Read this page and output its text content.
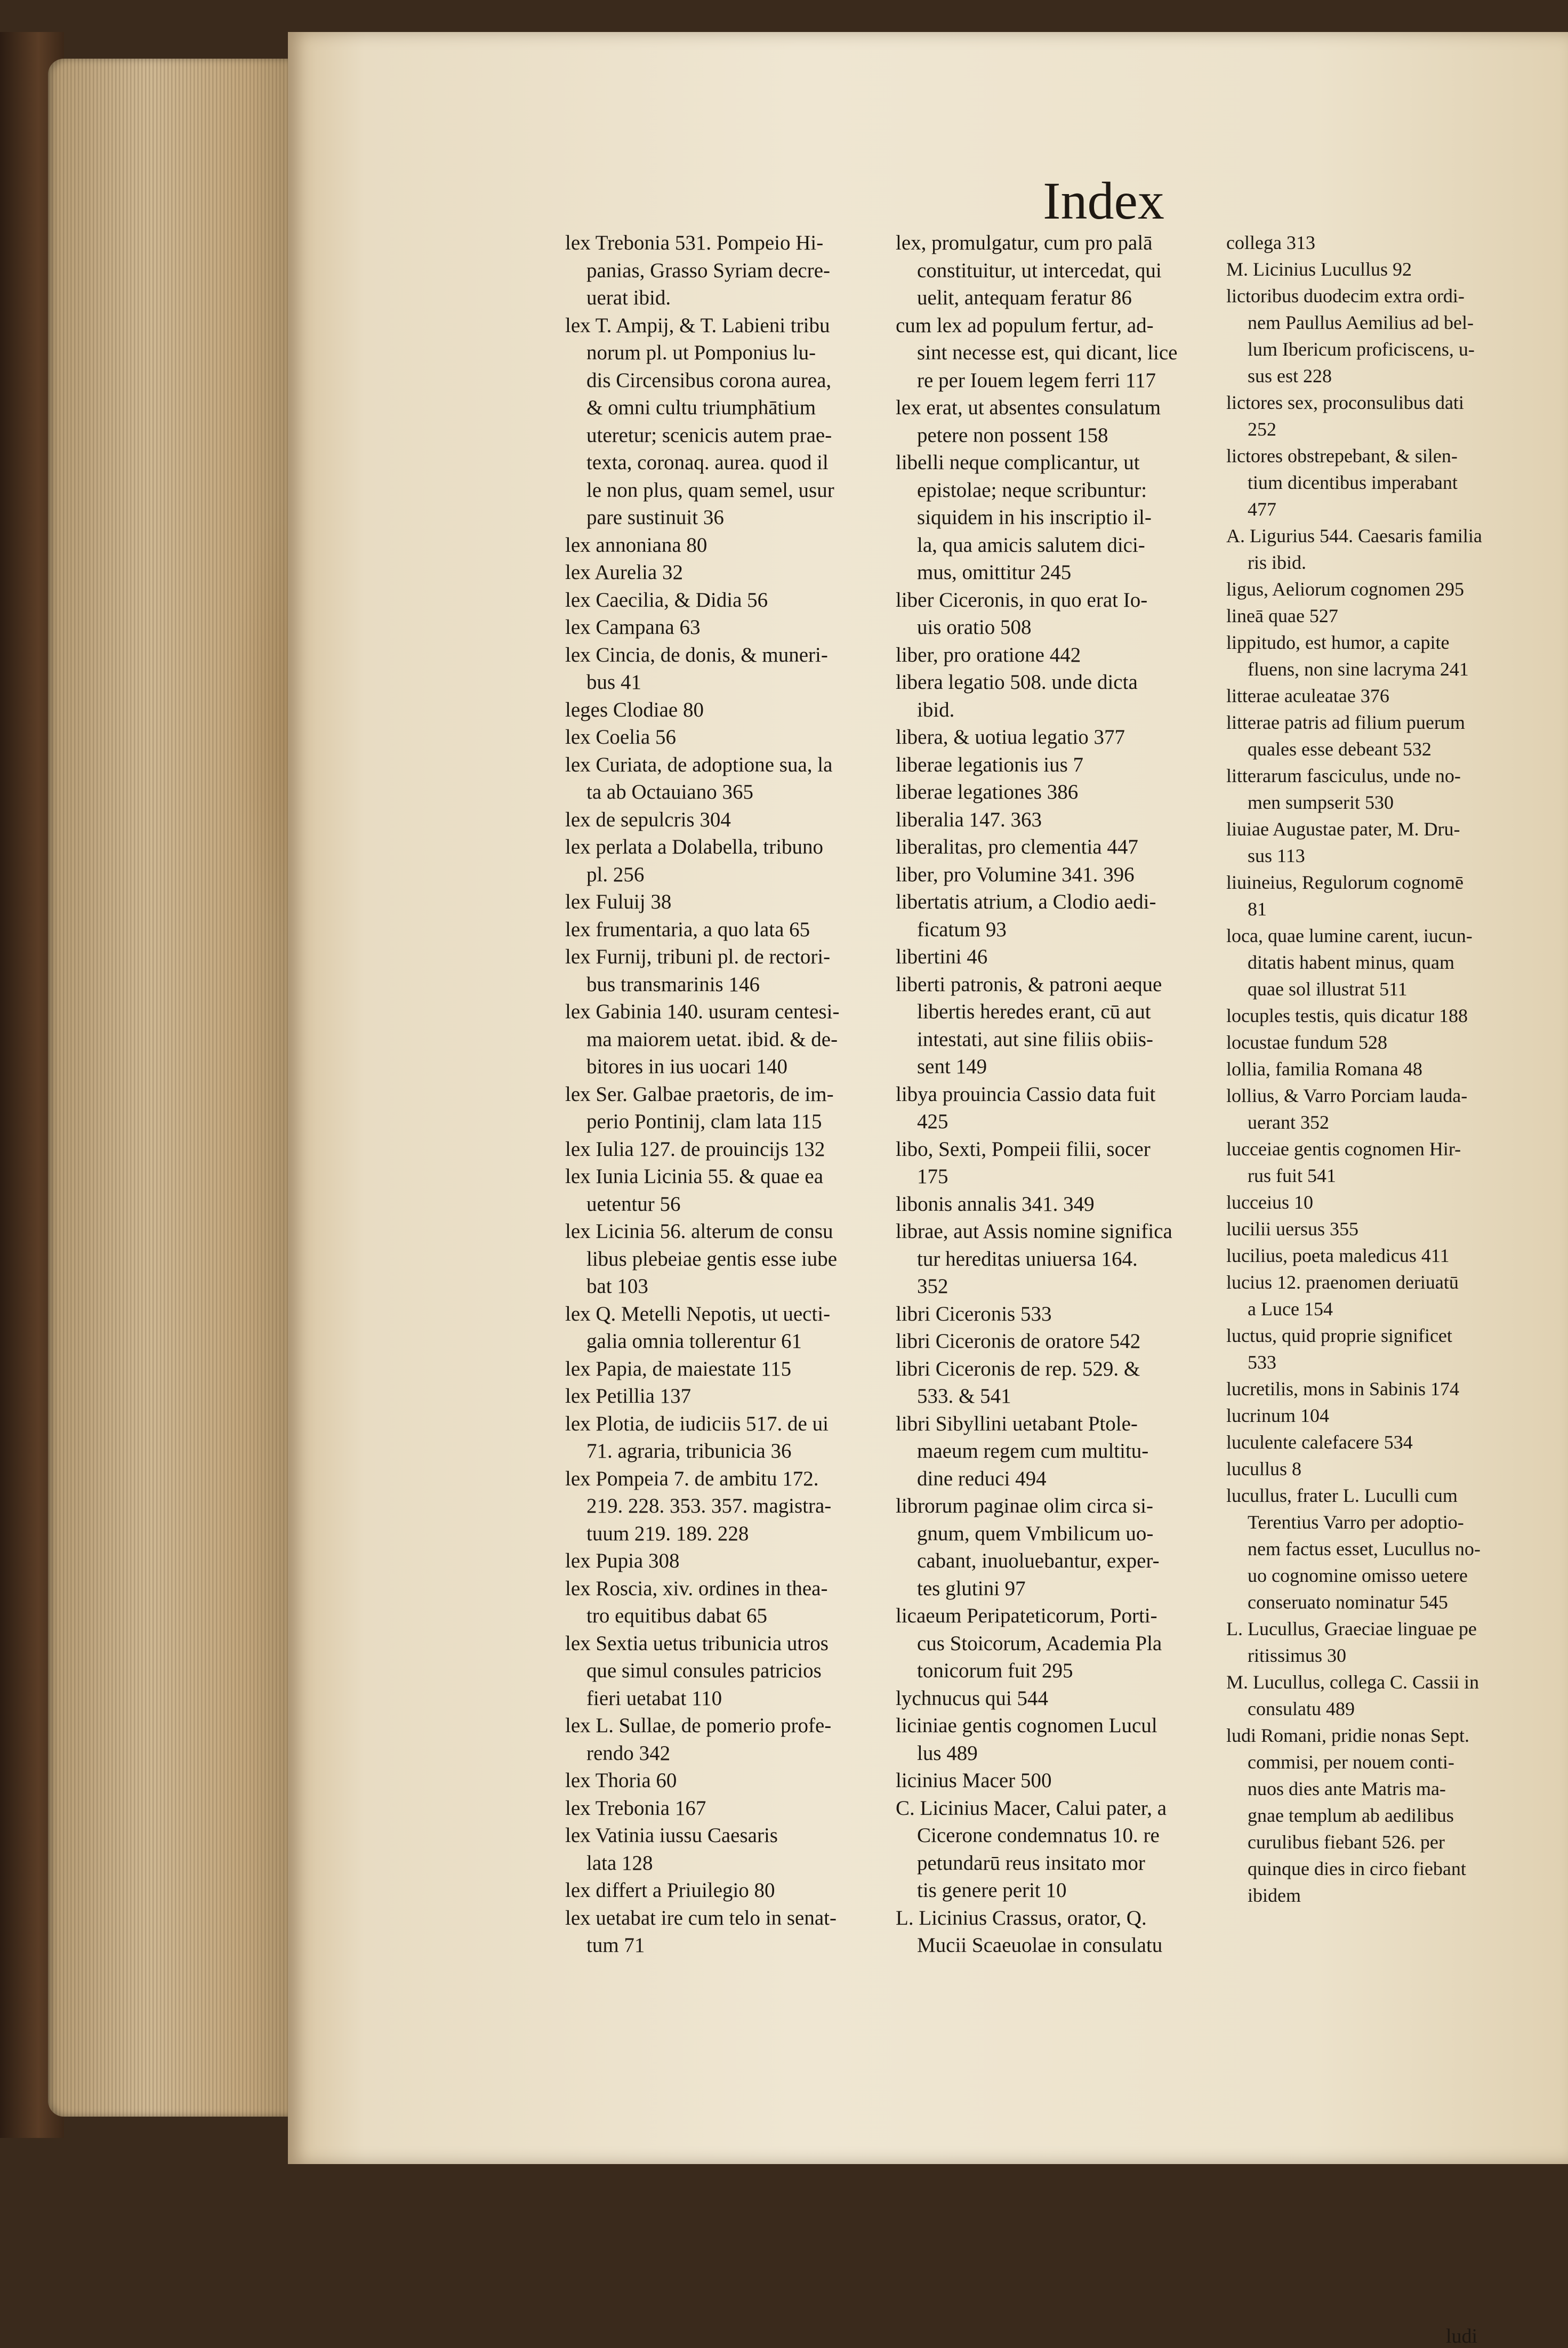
Index
lex Trebonia 531. Pompeio Hi-
panias, Grasso Syriam decre-
uerat ibid.
lex T. Ampij, & T. Labieni tribu
norum pl. ut Pomponius lu-
dis Circensibus corona aurea,
& omni cultu triumphātium
uteretur; scenicis autem prae-
texta, coronaq. aurea. quod il
le non plus, quam semel, usur
pare sustinuit 36
lex annoniana 80
lex Aurelia 32
lex Caecilia, & Didia 56
lex Campana 63
lex Cincia, de donis, & muneri-
bus 41
leges Clodiae 80
lex Coelia 56
lex Curiata, de adoptione sua, la
ta ab Octauiano 365
lex de sepulcris 304
lex perlata a Dolabella, tribuno
pl. 256
lex Fuluij 38
lex frumentaria, a quo lata 65
lex Furnij, tribuni pl. de rectori-
bus transmarinis 146
lex Gabinia 140. usuram centesi-
ma maiorem uetat. ibid. & de-
bitores in ius uocari 140
lex Ser. Galbae praetoris, de im-
perio Pontinij, clam lata 115
lex Iulia 127. de prouincijs 132
lex Iunia Licinia 55. & quae ea
uetentur 56
lex Licinia 56. alterum de consu
libus plebeiae gentis esse iube
bat 103
lex Q. Metelli Nepotis, ut uecti-
galia omnia tollerentur 61
lex Papia, de maiestate 115
lex Petillia 137
lex Plotia, de iudiciis 517. de ui
71. agraria, tribunicia 36
lex Pompeia 7. de ambitu 172.
219. 228. 353. 357. magistra-
tuum 219. 189. 228
lex Pupia 308
lex Roscia, xiv. ordines in thea-
tro equitibus dabat 65
lex Sextia uetus tribunicia utros
que simul consules patricios
fieri uetabat 110
lex L. Sullae, de pomerio profe-
rendo 342
lex Thoria 60
lex Trebonia 167
lex Vatinia iussu Caesaris
lata 128
lex differt a Priuilegio 80
lex uetabat ire cum telo in senat-
tum 71
lex, promulgatur, cum pro palā
constituitur, ut intercedat, qui
uelit, antequam feratur 86
cum lex ad populum fertur, ad-
sint necesse est, qui dicant, lice
re per Iouem legem ferri 117
lex erat, ut absentes consulatum
petere non possent 158
libelli neque complicantur, ut
epistolae; neque scribuntur:
siquidem in his inscriptio il-
la, qua amicis salutem dici-
mus, omittitur 245
liber Ciceronis, in quo erat Io-
uis oratio 508
liber, pro oratione 442
libera legatio 508. unde dicta
ibid.
libera, & uotiua legatio 377
liberae legationis ius 7
liberae legationes 386
liberalia 147. 363
liberalitas, pro clementia 447
liber, pro Volumine 341. 396
libertatis atrium, a Clodio aedi-
ficatum 93
libertini 46
liberti patronis, & patroni aeque
libertis heredes erant, cū aut
intestati, aut sine filiis obiis-
sent 149
libya prouincia Cassio data fuit
425
libo, Sexti, Pompeii filii, socer
175
libonis annalis 341. 349
librae, aut Assis nomine significa
tur hereditas uniuersa 164.
352
libri Ciceronis 533
libri Ciceronis de oratore 542
libri Ciceronis de rep. 529. &
533. & 541
libri Sibyllini uetabant Ptole-
maeum regem cum multitu-
dine reduci 494
librorum paginae olim circa si-
gnum, quem Vmbilicum uo-
cabant, inuoluebantur, exper-
tes glutini 97
licaeum Peripateticorum, Porti-
cus Stoicorum, Academia Pla
tonicorum fuit 295
lychnucus qui 544
liciniae gentis cognomen Lucul
lus 489
licinius Macer 500
C. Licinius Macer, Calui pater, a
Cicerone condemnatus 10. re
petundarū reus insitato mor
tis genere perit 10
L. Licinius Crassus, orator, Q.
Mucii Scaeuolae in consulatu
collega 313
M. Licinius Lucullus 92
lictoribus duodecim extra ordi-
nem Paullus Aemilius ad bel-
lum Ibericum proficiscens, u-
sus est 228
lictores sex, proconsulibus dati
252
lictores obstrepebant, & silen-
tium dicentibus imperabant
477
A. Ligurius 544. Caesaris familia
ris ibid.
ligus, Aeliorum cognomen 295
lineā quae 527
lippitudo, est humor, a capite
fluens, non sine lacryma 241
litterae aculeatae 376
litterae patris ad filium puerum
quales esse debeant 532
litterarum fasciculus, unde no-
men sumpserit 530
liuiae Augustae pater, M. Dru-
sus 113
liuineius, Regulorum cognomē
81
loca, quae lumine carent, iucun-
ditatis habent minus, quam
quae sol illustrat 511
locuples testis, quis dicatur 188
locustae fundum 528
lollia, familia Romana 48
lollius, & Varro Porciam lauda-
uerant 352
lucceiae gentis cognomen Hir-
rus fuit 541
lucceius 10
lucilii uersus 355
lucilius, poeta maledicus 411
lucius 12. praenomen deriuatū
a Luce 154
luctus, quid proprie significet
533
lucretilis, mons in Sabinis 174
lucrinum 104
luculente calefacere 534
lucullus 8
lucullus, frater L. Luculli cum
Terentius Varro per adoptio-
nem factus esset, Lucullus no-
uo cognomine omisso uetere
conseruato nominatur 545
L. Lucullus, Graeciae linguae pe
ritissimus 30
M. Lucullus, collega C. Cassii in
consulatu 489
ludi Romani, pridie nonas Sept.
commisi, per nouem conti-
nuos dies ante Matris ma-
gnae templum ab aedilibus
curulibus fiebant 526. per
quinque dies in circo fiebant
ibidem
ludi
